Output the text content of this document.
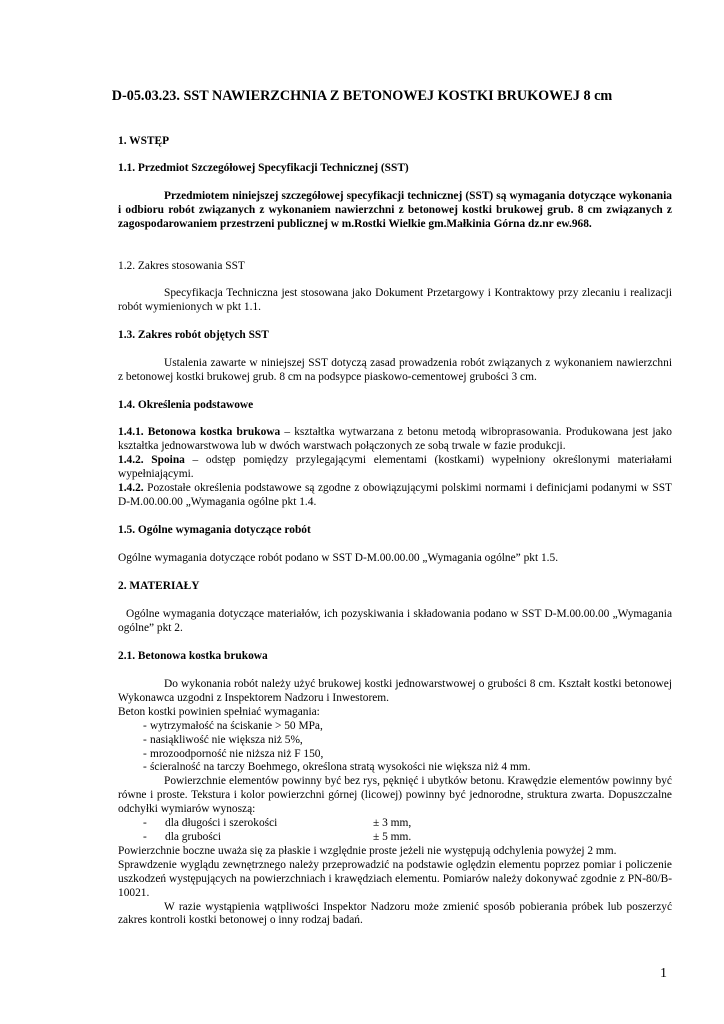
D-05.03.23. SST NAWIERZCHNIA Z BETONOWEJ KOSTKI BRUKOWEJ 8 cm
1. WSTĘP
1.1. Przedmiot Szczegółowej Specyfikacji Technicznej (SST)
Przedmiotem niniejszej szczegółowej specyfikacji technicznej (SST) są wymagania dotyczące wykonania i odbioru robót związanych z wykonaniem nawierzchni z betonowej kostki brukowej grub. 8 cm związanych z zagospodarowaniem przestrzeni publicznej w m.Rostki Wielkie gm.Małkinia Górna dz.nr ew.968.
1.2. Zakres stosowania SST
Specyfikacja Techniczna jest stosowana jako Dokument Przetargowy i Kontraktowy przy zlecaniu i realizacji robót wymienionych w pkt 1.1.
1.3. Zakres robót objętych SST
Ustalenia zawarte w niniejszej SST dotyczą zasad prowadzenia robót związanych z wykonaniem nawierzchni z betonowej kostki brukowej grub. 8 cm na podsypce piaskowo-cementowej grubości 3 cm.
1.4. Określenia podstawowe
1.4.1. Betonowa kostka brukowa – kształtka wytwarzana z betonu metodą wibroprasowania. Produkowana jest jako kształtka jednowarstwowa lub w dwóch warstwach połączonych ze sobą trwale w fazie produkcji.
1.4.2. Spoina – odstęp pomiędzy przylegającymi elementami (kostkami) wypełniony określonymi materiałami wypełniającymi.
1.4.2. Pozostałe określenia podstawowe są zgodne z obowiązującymi polskimi normami i definicjami podanymi w SST D-M.00.00.00 „Wymagania ogólne pkt 1.4.
1.5. Ogólne wymagania dotyczące robót
Ogólne wymagania dotyczące robót podano w SST D-M.00.00.00 „Wymagania ogólne” pkt 1.5.
2. MATERIAŁY
Ogólne wymagania dotyczące materiałów, ich pozyskiwania i składowania podano w SST D-M.00.00.00 „Wymagania ogólne” pkt 2.
2.1. Betonowa kostka brukowa
Do wykonania robót należy użyć brukowej kostki jednowarstwowej o grubości 8 cm. Kształt kostki betonowej Wykonawca uzgodni z Inspektorem Nadzoru i Inwestorem.
Beton kostki powinien spełniać wymagania:
- wytrzymałość na ściskanie > 50 MPa,
- nasiąkliwość nie większa niż 5%,
- mrozoodporność nie niższa niż F 150,
- ścieralność na tarczy Boehmego, określona stratą wysokości nie większa niż 4 mm.
Powierzchnie elementów powinny być bez rys, pęknięć i ubytków betonu. Krawędzie elementów powinny być równe i proste. Tekstura i kolor powierzchni górnej (licowej) powinny być jednorodne, struktura zwarta. Dopuszczalne odchyłki wymiarów wynoszą:
- dla długości i szerokości	± 3 mm,
- dla grubości	± 5 mm.
Powierzchnie boczne uważa się za płaskie i względnie proste jeżeli nie występują odchylenia powyżej 2 mm.
Sprawdzenie wyglądu zewnętrznego należy przeprowadzić na podstawie oględzin elementu poprzez pomiar i policzenie uszkodzeń występujących na powierzchniach i krawędziach elementu. Pomiarów należy dokonywać zgodnie z PN-80/B-10021.
W razie wystąpienia wątpliwości Inspektor Nadzoru może zmienić sposób pobierania próbek lub poszerzyć zakres kontroli kostki betonowej o inny rodzaj badań.
1
